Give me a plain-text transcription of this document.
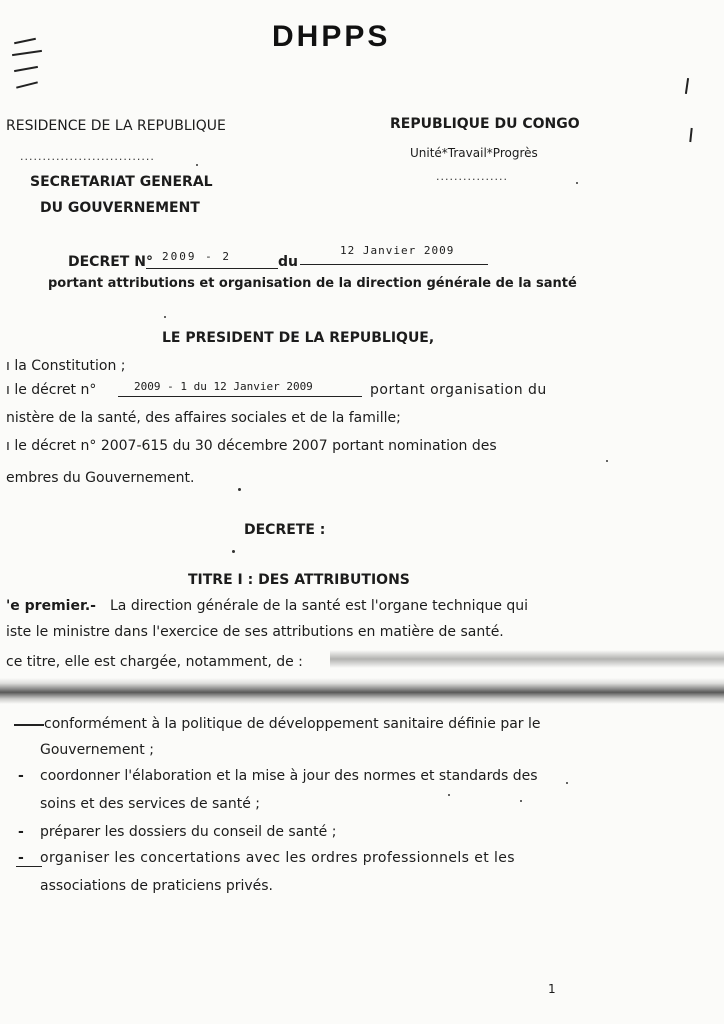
DHPPS
RESIDENCE DE LA REPUBLIQUE
..............................
SECRETARIAT GENERAL
DU GOUVERNEMENT
REPUBLIQUE DU CONGO
Unité*Travail*Progrès
................
DECRET N° 2009 - 2	du
12 Janvier 2009
portant attributions et organisation de la direction générale de la santé
LE PRESIDENT DE LA REPUBLIQUE,
ı la Constitution ;
ı le décret n°	2009 - 1 du 12 Janvier 2009	portant organisation du
nistère de la santé, des affaires sociales et de la famille;
ı le décret n° 2007-615 du 30 décembre 2007 portant nomination des
embres du Gouvernement.
DECRETE :
TITRE I : DES ATTRIBUTIONS
'e premier.- La direction générale de la santé est l'organe technique qui
iste le ministre dans l'exercice de ses attributions en matière de santé.
ce titre, elle est chargée, notamment, de :
conformément à la politique de développement sanitaire définie par le
Gouvernement ;
- coordonner l'élaboration et la mise à jour des normes et standards des
soins et des services de santé ;
- préparer les dossiers du conseil de santé ;
- organiser les concertations avec les ordres professionnels et les
associations de praticiens privés.
1
